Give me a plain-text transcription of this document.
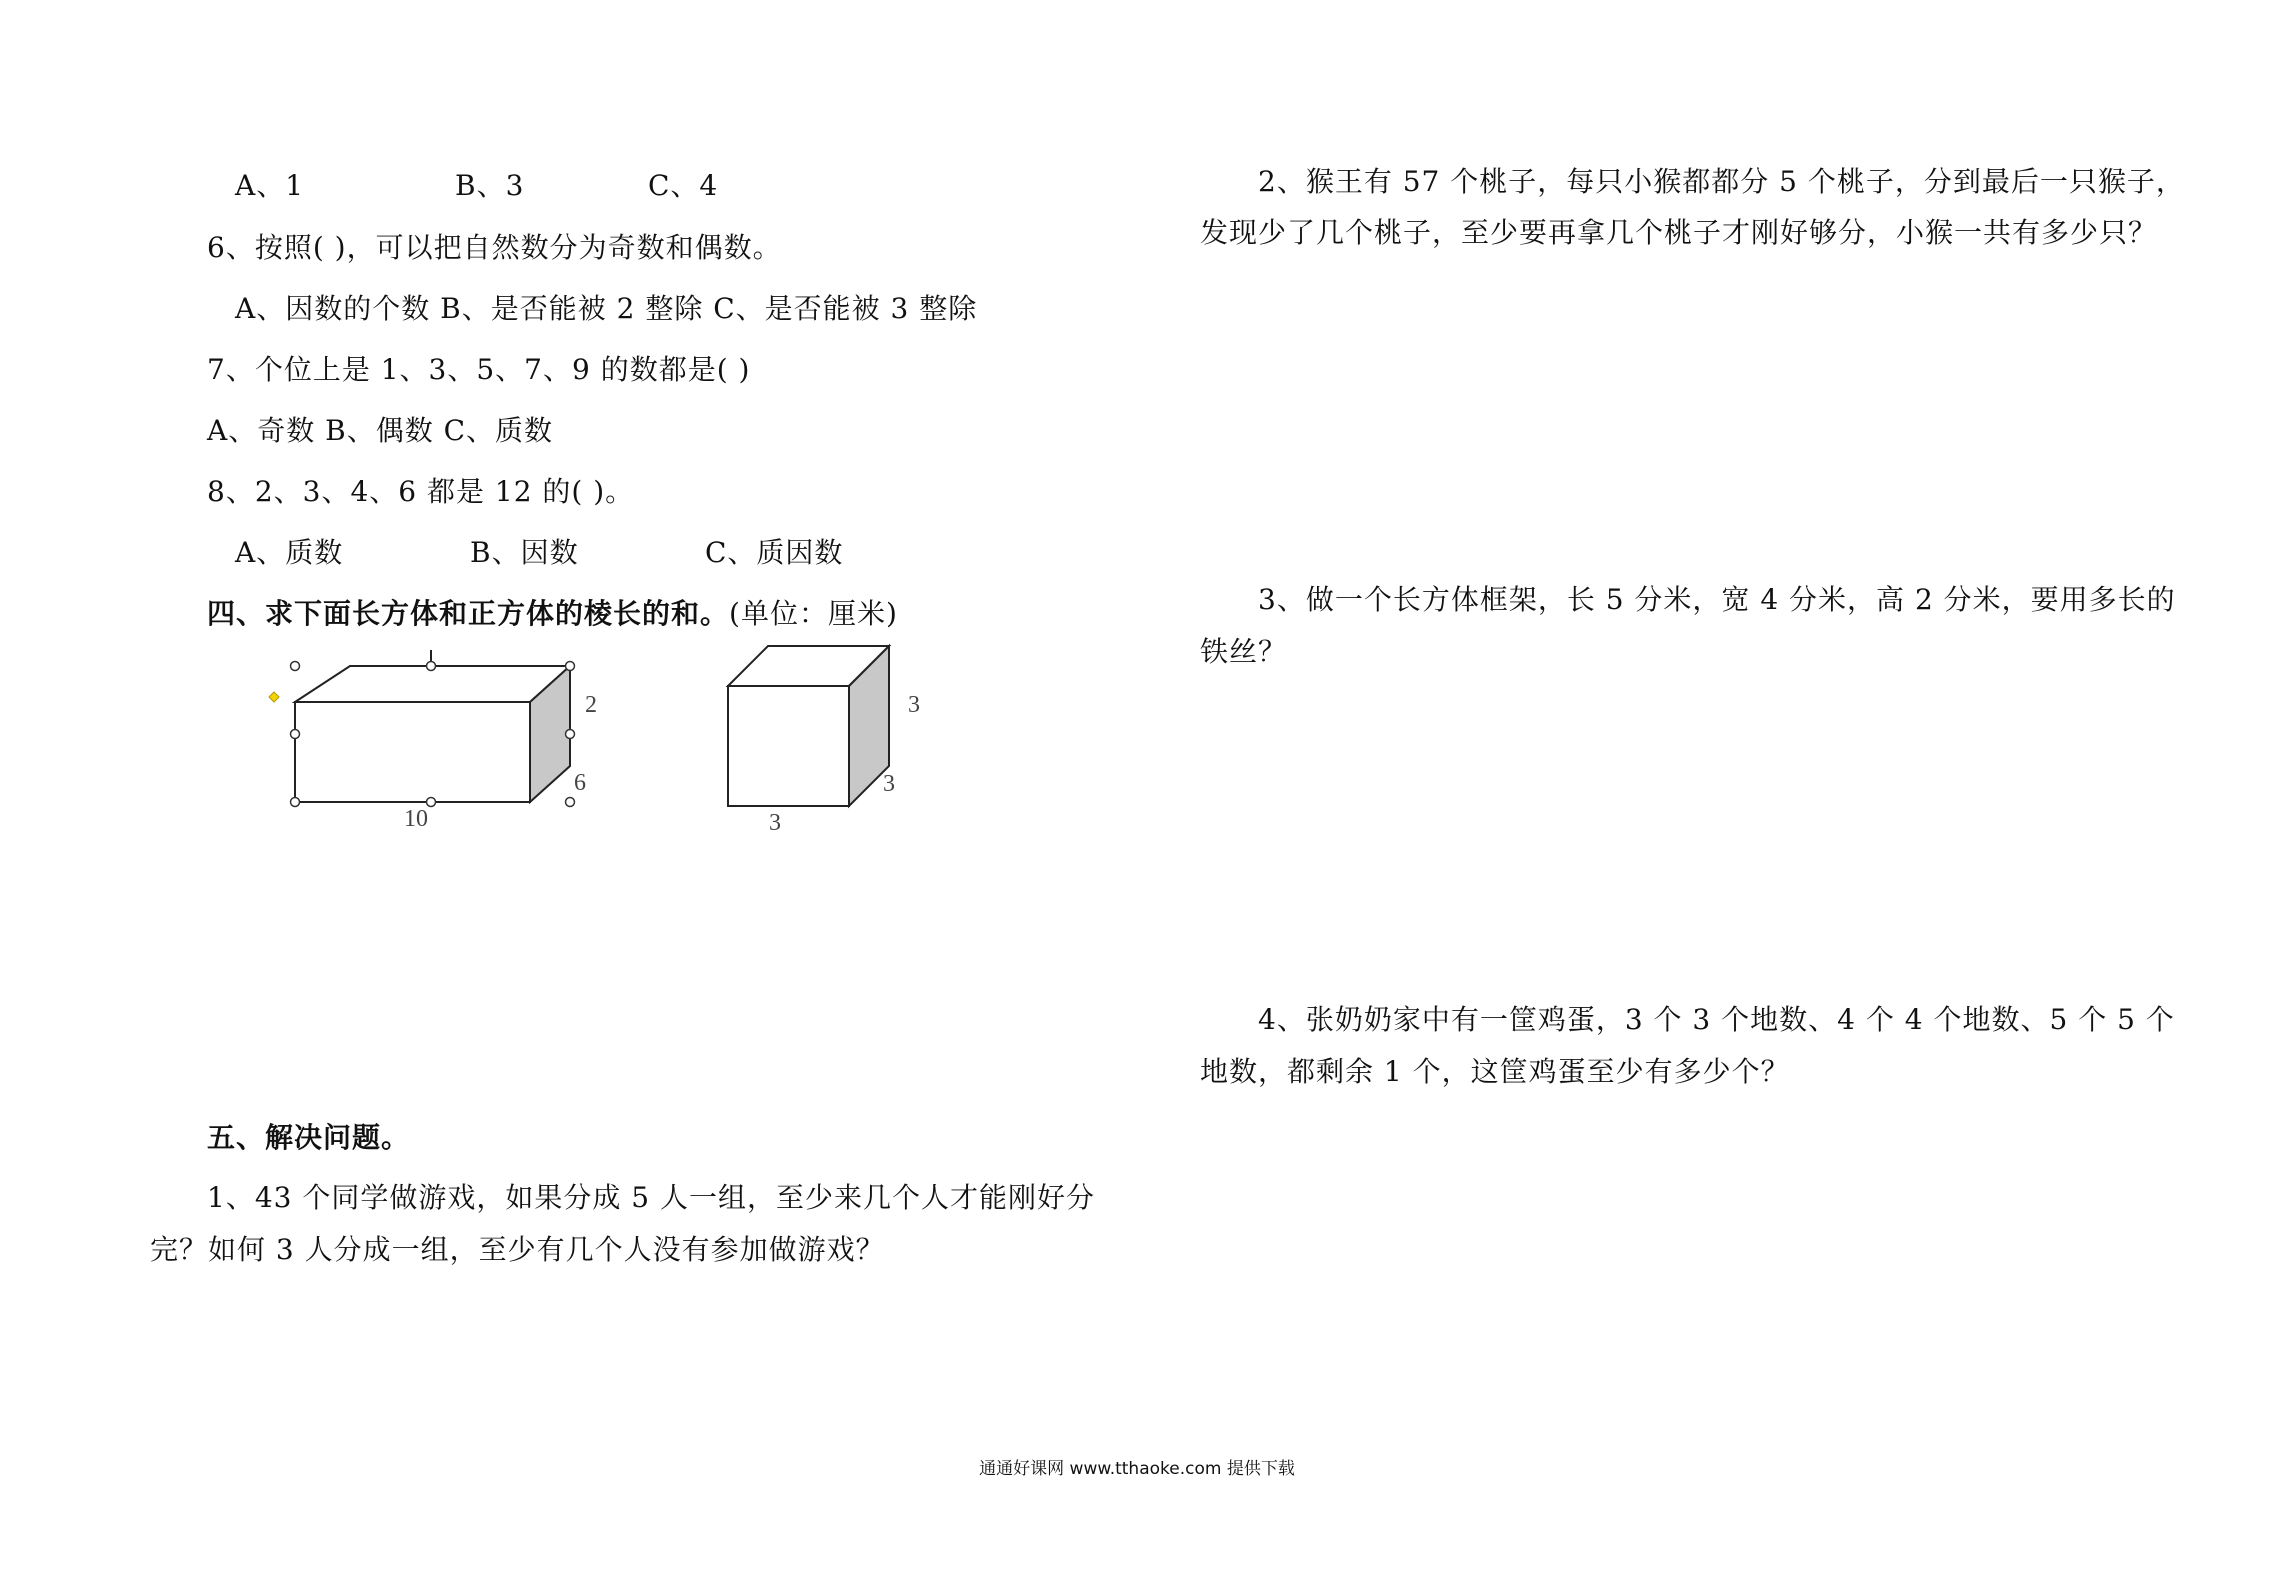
A、1	B、3	C、4
6、按照( )，可以把自然数分为奇数和偶数。
A、因数的个数 B、是否能被 2 整除 C、是否能被 3 整除
7、个位上是 1、3、5、7、9 的数都是( )
A、奇数 B、偶数 C、质数
8、2、3、4、6 都是 12 的( )。
A、质数	B、因数	C、质因数
四、求下面长方体和正方体的棱长的和。(单位：厘米)
2
6
10
3
3
3
五、解决问题。
1、43 个同学做游戏，如果分成 5 人一组，至少来几个人才能刚好分
完？如何 3 人分成一组，至少有几个人没有参加做游戏？
2、猴王有 57 个桃子，每只小猴都都分 5 个桃子，分到最后一只猴子，
发现少了几个桃子，至少要再拿几个桃子才刚好够分，小猴一共有多少只？
3、做一个长方体框架，长 5 分米，宽 4 分米，高 2 分米，要用多长的
铁丝？
4、张奶奶家中有一筐鸡蛋，3 个 3 个地数、4 个 4 个地数、5 个 5 个
地数，都剩余 1 个，这筐鸡蛋至少有多少个？
通通好课网 www.tthaoke.com 提供下载
